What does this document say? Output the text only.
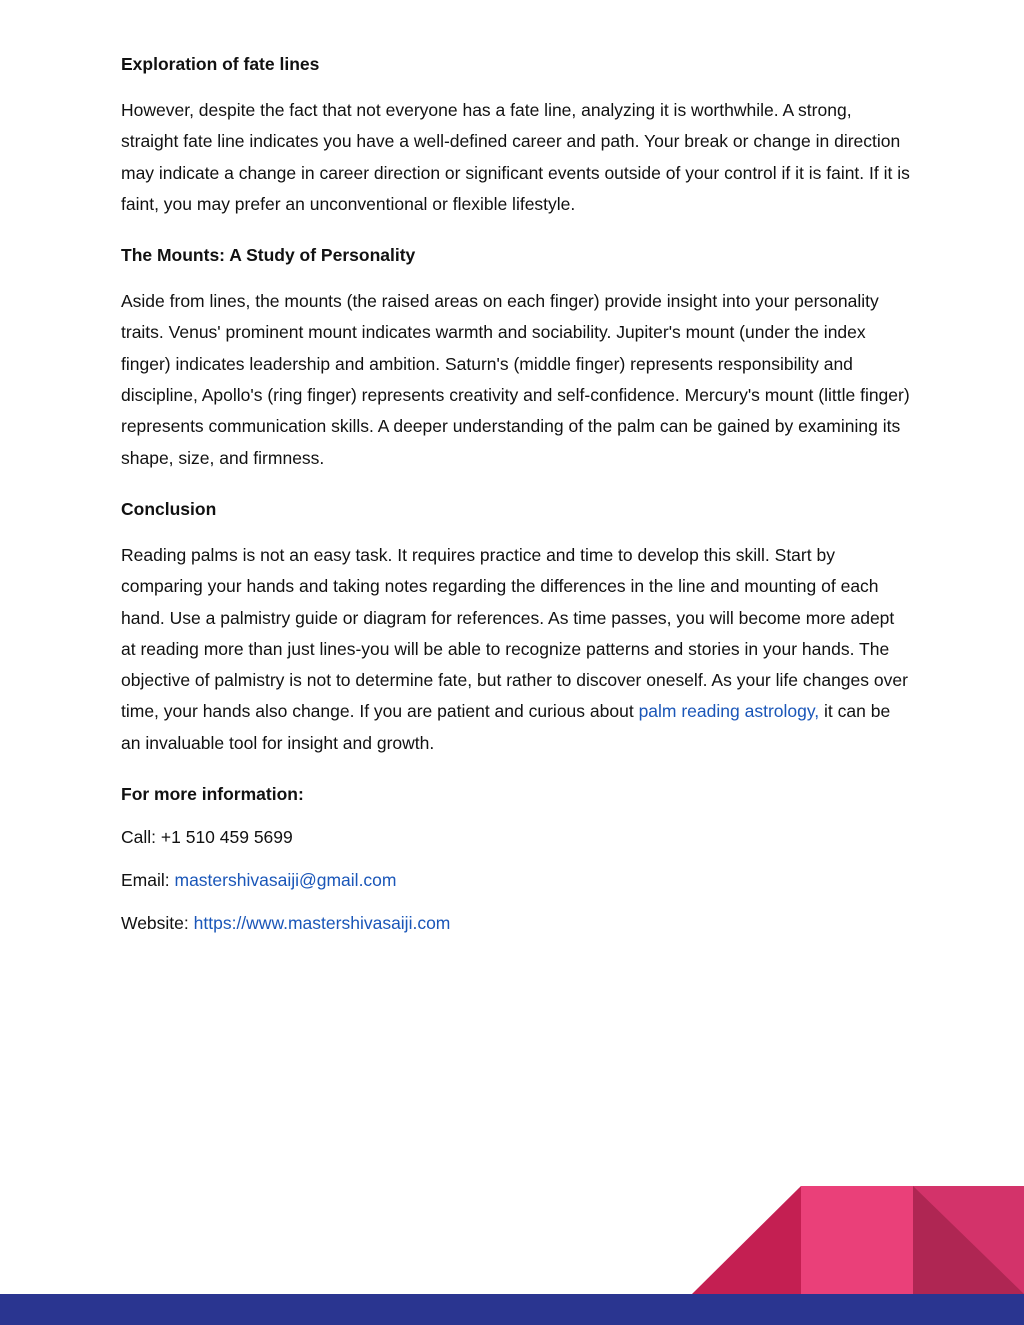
Exploration of fate lines

However, despite the fact that not everyone has a fate line, analyzing it is worthwhile. A strong, straight fate line indicates you have a well-defined career and path. Your break or change in direction may indicate a change in career direction or significant events outside of your control if it is faint. If it is faint, you may prefer an unconventional or flexible lifestyle.

The Mounts: A Study of Personality

Aside from lines, the mounts (the raised areas on each finger) provide insight into your personality traits. Venus' prominent mount indicates warmth and sociability. Jupiter's mount (under the index finger) indicates leadership and ambition. Saturn's (middle finger) represents responsibility and discipline, Apollo's (ring finger) represents creativity and self-confidence. Mercury's mount (little finger) represents communication skills. A deeper understanding of the palm can be gained by examining its shape, size, and firmness.

Conclusion

Reading palms is not an easy task. It requires practice and time to develop this skill. Start by comparing your hands and taking notes regarding the differences in the line and mounting of each hand. Use a palmistry guide or diagram for references. As time passes, you will become more adept at reading more than just lines-you will be able to recognize patterns and stories in your hands. The objective of palmistry is not to determine fate, but rather to discover oneself. As your life changes over time, your hands also change. If you are patient and curious about palm reading astrology, it can be an invaluable tool for insight and growth.

For more information:

Call: +1 510 459 5699

Email: mastershivasaiji@gmail.com

Website: https://www.mastershivasaiji.com
